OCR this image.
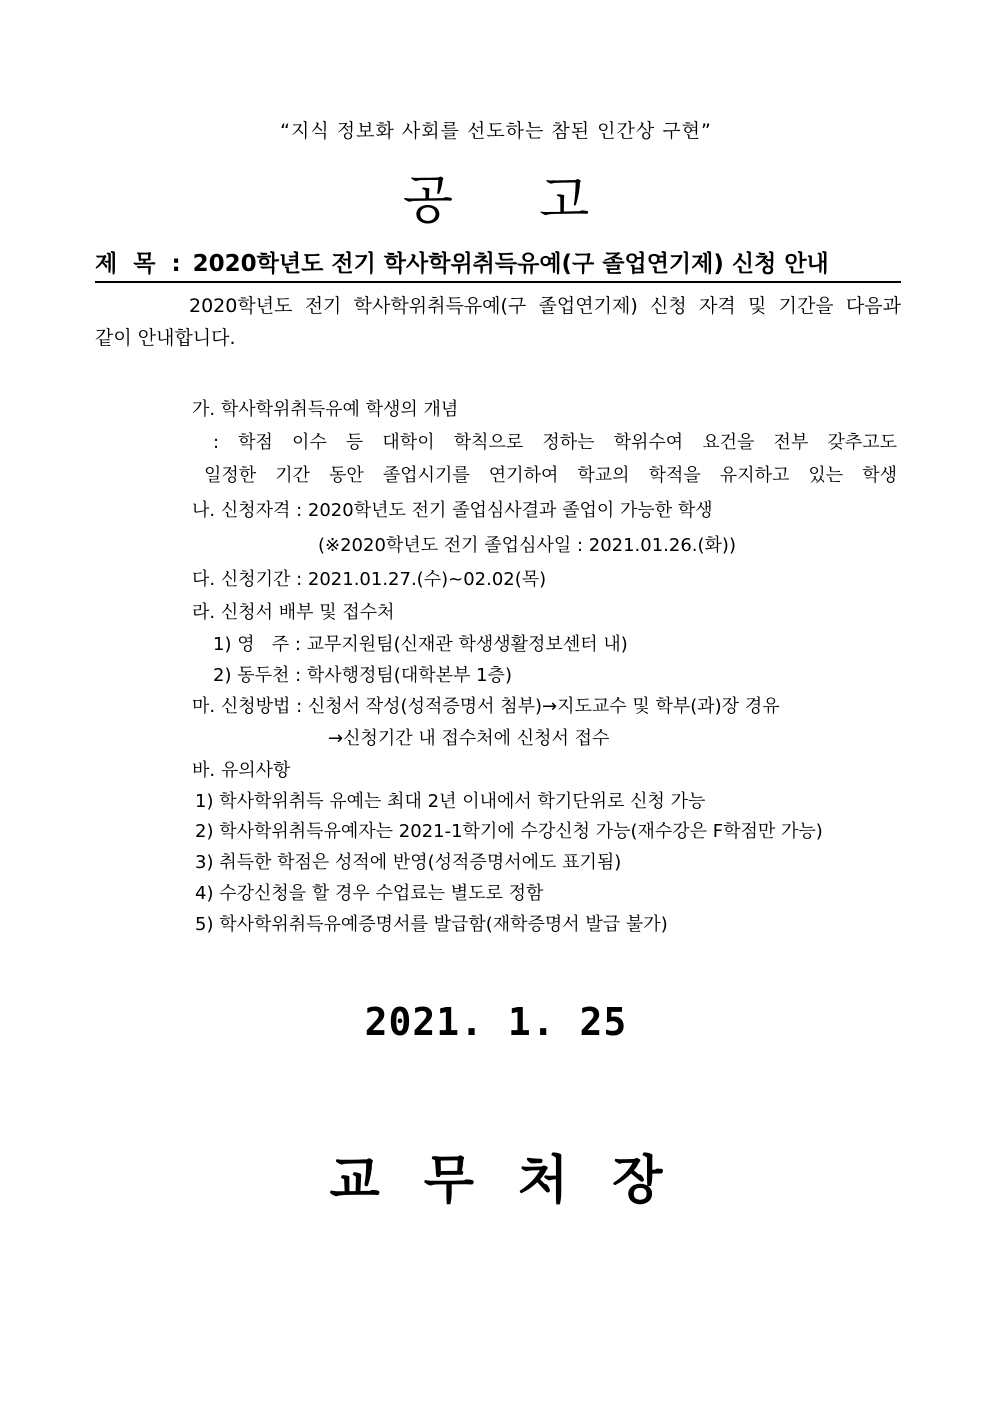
“지식 정보화 사회를 선도하는 참된 인간상 구현”
공 고
제 목 : 2020학년도 전기 학사학위취득유예(구 졸업연기제) 신청 안내
2020학년도 전기 학사학위취득유예(구 졸업연기제) 신청 자격 및 기간을 다음과
같이 안내합니다.
가. 학사학위취득유예 학생의 개념
: 학점 이수 등 대학이 학칙으로 정하는 학위수여 요건을 전부 갖추고도
일정한 기간 동안 졸업시기를 연기하여 학교의 학적을 유지하고 있는 학생
나. 신청자격 : 2020학년도 전기 졸업심사결과 졸업이 가능한 학생
(※2020학년도 전기 졸업심사일 : 2021.01.26.(화))
다. 신청기간 : 2021.01.27.(수)~02.02(목)
라. 신청서 배부 및 접수처
1) 영   주 : 교무지원팀(신재관 학생생활정보센터 내)
2) 동두천 : 학사행정팀(대학본부 1층)
마. 신청방법 : 신청서 작성(성적증명서 첨부)→지도교수 및 학부(과)장 경유
→신청기간 내 접수처에 신청서 접수
바. 유의사항
1) 학사학위취득 유예는 최대 2년 이내에서 학기단위로 신청 가능
2) 학사학위취득유예자는 2021-1학기에 수강신청 가능(재수강은 F학점만 가능)
3) 취득한 학점은 성적에 반영(성적증명서에도 표기됨)
4) 수강신청을 할 경우 수업료는 별도로 정함
5) 학사학위취득유예증명서를 발급함(재학증명서 발급 불가)
2021. 1. 25
교 무 처 장
